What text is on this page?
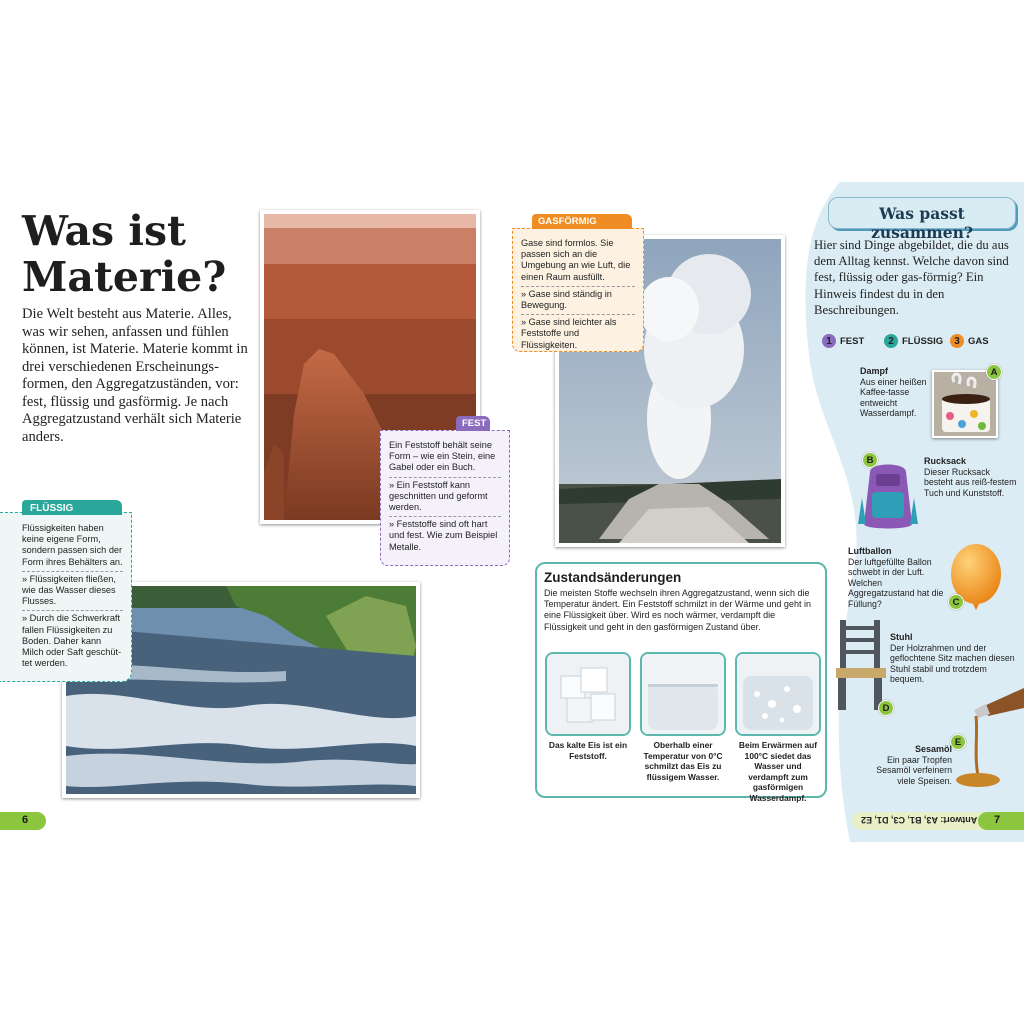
Was ist
Materie?

Die Welt besteht aus Materie. Alles, was wir sehen, anfassen und fühlen können, ist Materie. Materie kommt in drei verschiedenen Erscheinungs-formen, den Aggregatzuständen, vor: fest, flüssig und gasförmig. Je nach Aggregatzustand verhält sich Materie anders.

Flüssigkeiten haben keine eigene Form, sondern passen sich der Form ihres Behälters an.

» Flüssigkeiten fließen, wie das Wasser dieses Flusses.

» Durch die Schwerkraft fallen Flüssigkeiten zu Boden. Daher kann Milch oder Saft geschüt-tet werden.

FLÜSSIG

Ein Feststoff behält seine Form – wie ein Stein, eine Gabel oder ein Buch.

» Ein Feststoff kann geschnitten und geformt werden.

» Feststoffe sind oft hart und fest. Wie zum Beispiel Metalle.

FEST

Gase sind formlos. Sie passen sich an die Umgebung an wie Luft, die einen Raum ausfüllt.

» Gase sind ständig in Bewegung.

» Gase sind leichter als Feststoffe und Flüssigkeiten.

GASFÖRMIG
Zustandsänderungen

Die meisten Stoffe wechseln ihren Aggregatzustand, wenn sich die Temperatur ändert. Ein Feststoff schmilzt in der Wärme und geht in eine Flüssigkeit über. Wird es noch wärmer, verdampft die Flüssigkeit und geht in den gasförmigen Zustand über.

Das kalte Eis ist ein Feststoff.
Oberhalb einer Temperatur von 0°C schmilzt das Eis zu flüssigem Wasser.
Beim Erwärmen auf 100°C siedet das Wasser und verdampft zum gasförmigen Wasserdampf.
Was passt zusammen?

Hier sind Dinge abgebildet, die du aus dem Alltag kennst. Welche davon sind fest, flüssig oder gas-förmig? Ein Hinweis findest du in den Beschreibungen.

1 FEST	2 FLÜSSIG	3 GAS
Dampf
Aus einer heißen Kaffee-tasse entweicht Wasserdampf.
A
B	Rucksack
Dieser Rucksack besteht aus reiß-festem Tuch und Kunststoff.
Luftballon
Der luftgefüllte Ballon schwebt in der Luft. Welchen Aggregatzustand hat die Füllung?	C
Stuhl
Der Holzrahmen und der geflochtene Sitz machen diesen Stuhl stabil und trotzdem bequem.
D
E
Sesamöl
Ein paar Tropfen Sesamöl verfeinern viele Speisen.
6	Antwort: A3, B1, C3, D1, E2	7
